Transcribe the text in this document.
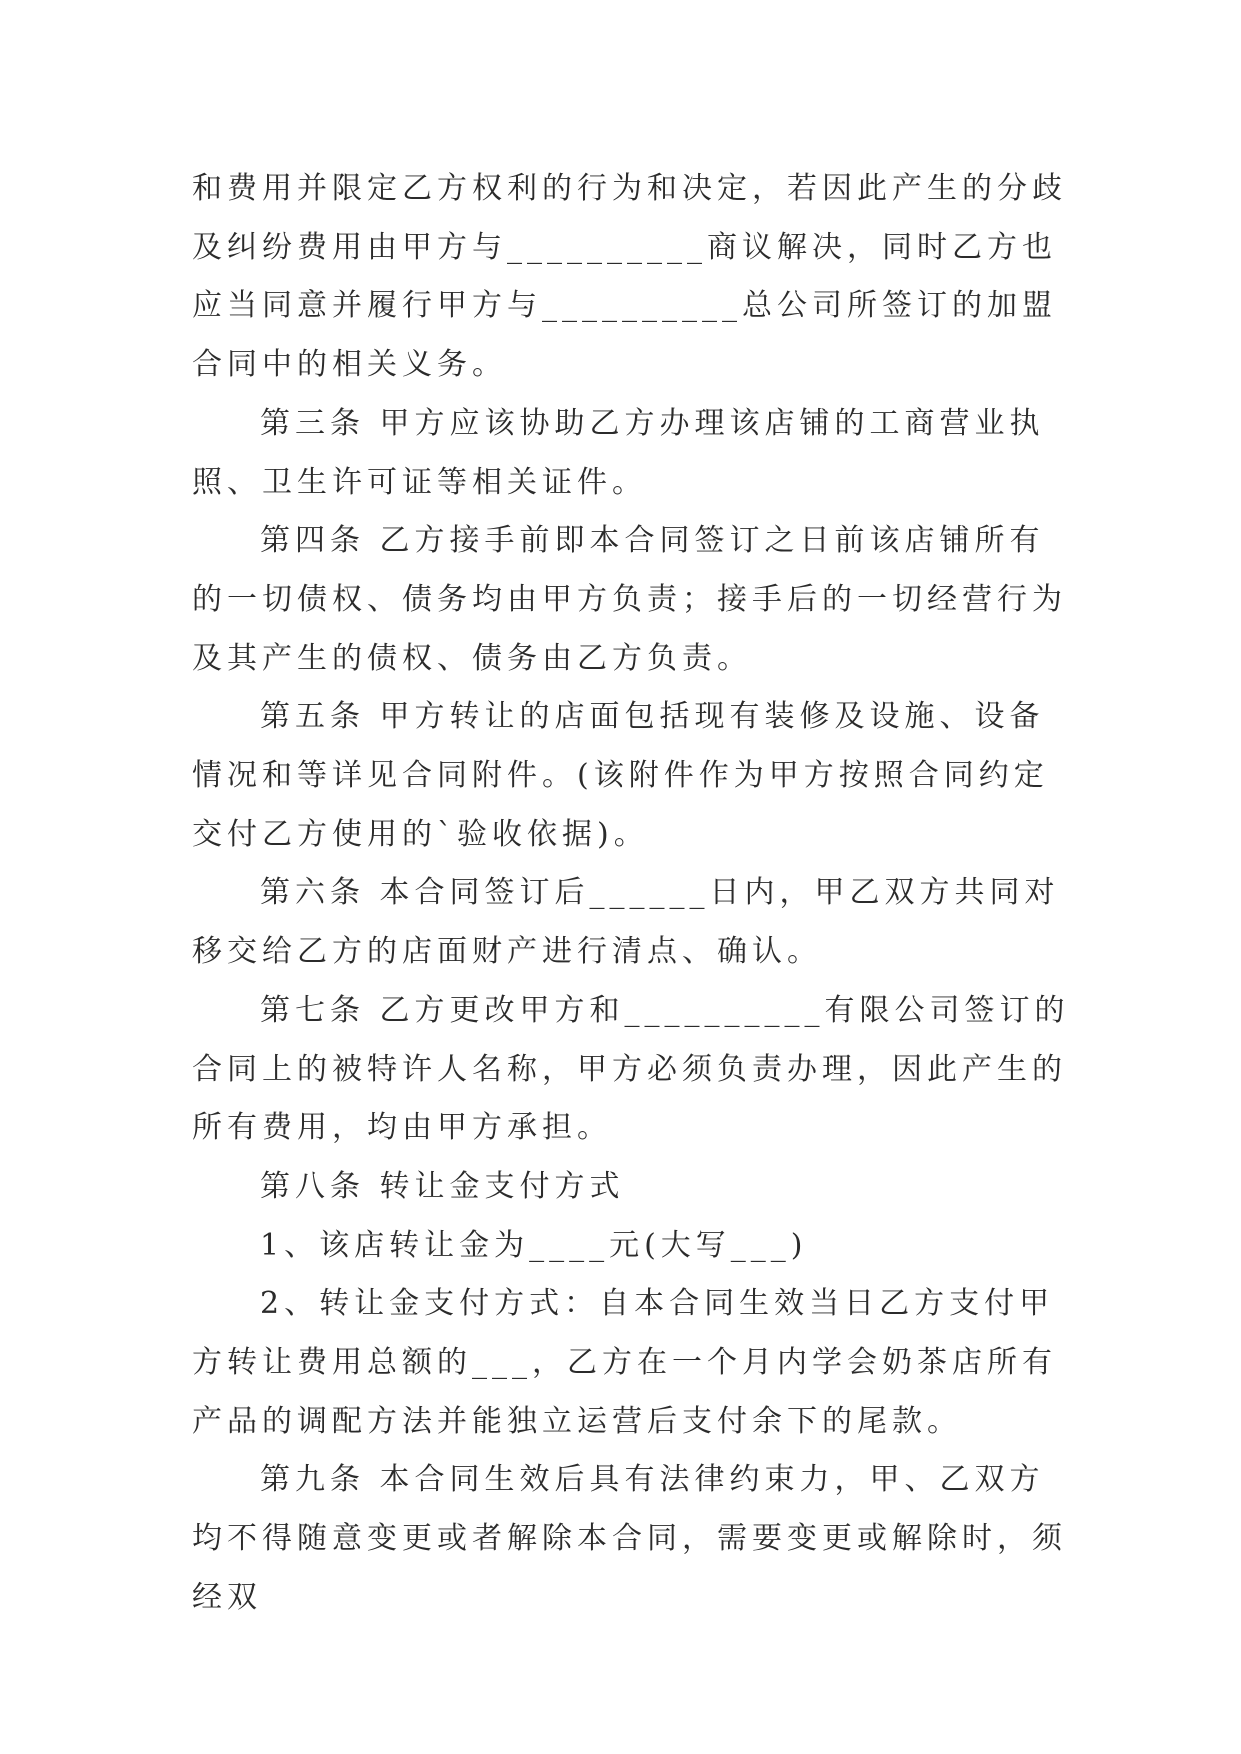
和费用并限定乙方权利的行为和决定，若因此产生的分歧及纠纷费用由甲方与__________商议解决，同时乙方也应当同意并履行甲方与__________总公司所签订的加盟合同中的相关义务。

第三条 甲方应该协助乙方办理该店铺的工商营业执照、卫生许可证等相关证件。

第四条 乙方接手前即本合同签订之日前该店铺所有的一切债权、债务均由甲方负责；接手后的一切经营行为及其产生的债权、债务由乙方负责。

第五条 甲方转让的店面包括现有装修及设施、设备情况和等详见合同附件。(该附件作为甲方按照合同约定交付乙方使用的`验收依据)。

第六条 本合同签订后______日内，甲乙双方共同对移交给乙方的店面财产进行清点、确认。

第七条 乙方更改甲方和__________有限公司签订的合同上的被特许人名称，甲方必须负责办理，因此产生的所有费用，均由甲方承担。

第八条 转让金支付方式

1、该店转让金为____元(大写___)

2、转让金支付方式：自本合同生效当日乙方支付甲方转让费用总额的___，乙方在一个月内学会奶茶店所有产品的调配方法并能独立运营后支付余下的尾款。

第九条 本合同生效后具有法律约束力，甲、乙双方均不得随意变更或者解除本合同，需要变更或解除时，须经双
